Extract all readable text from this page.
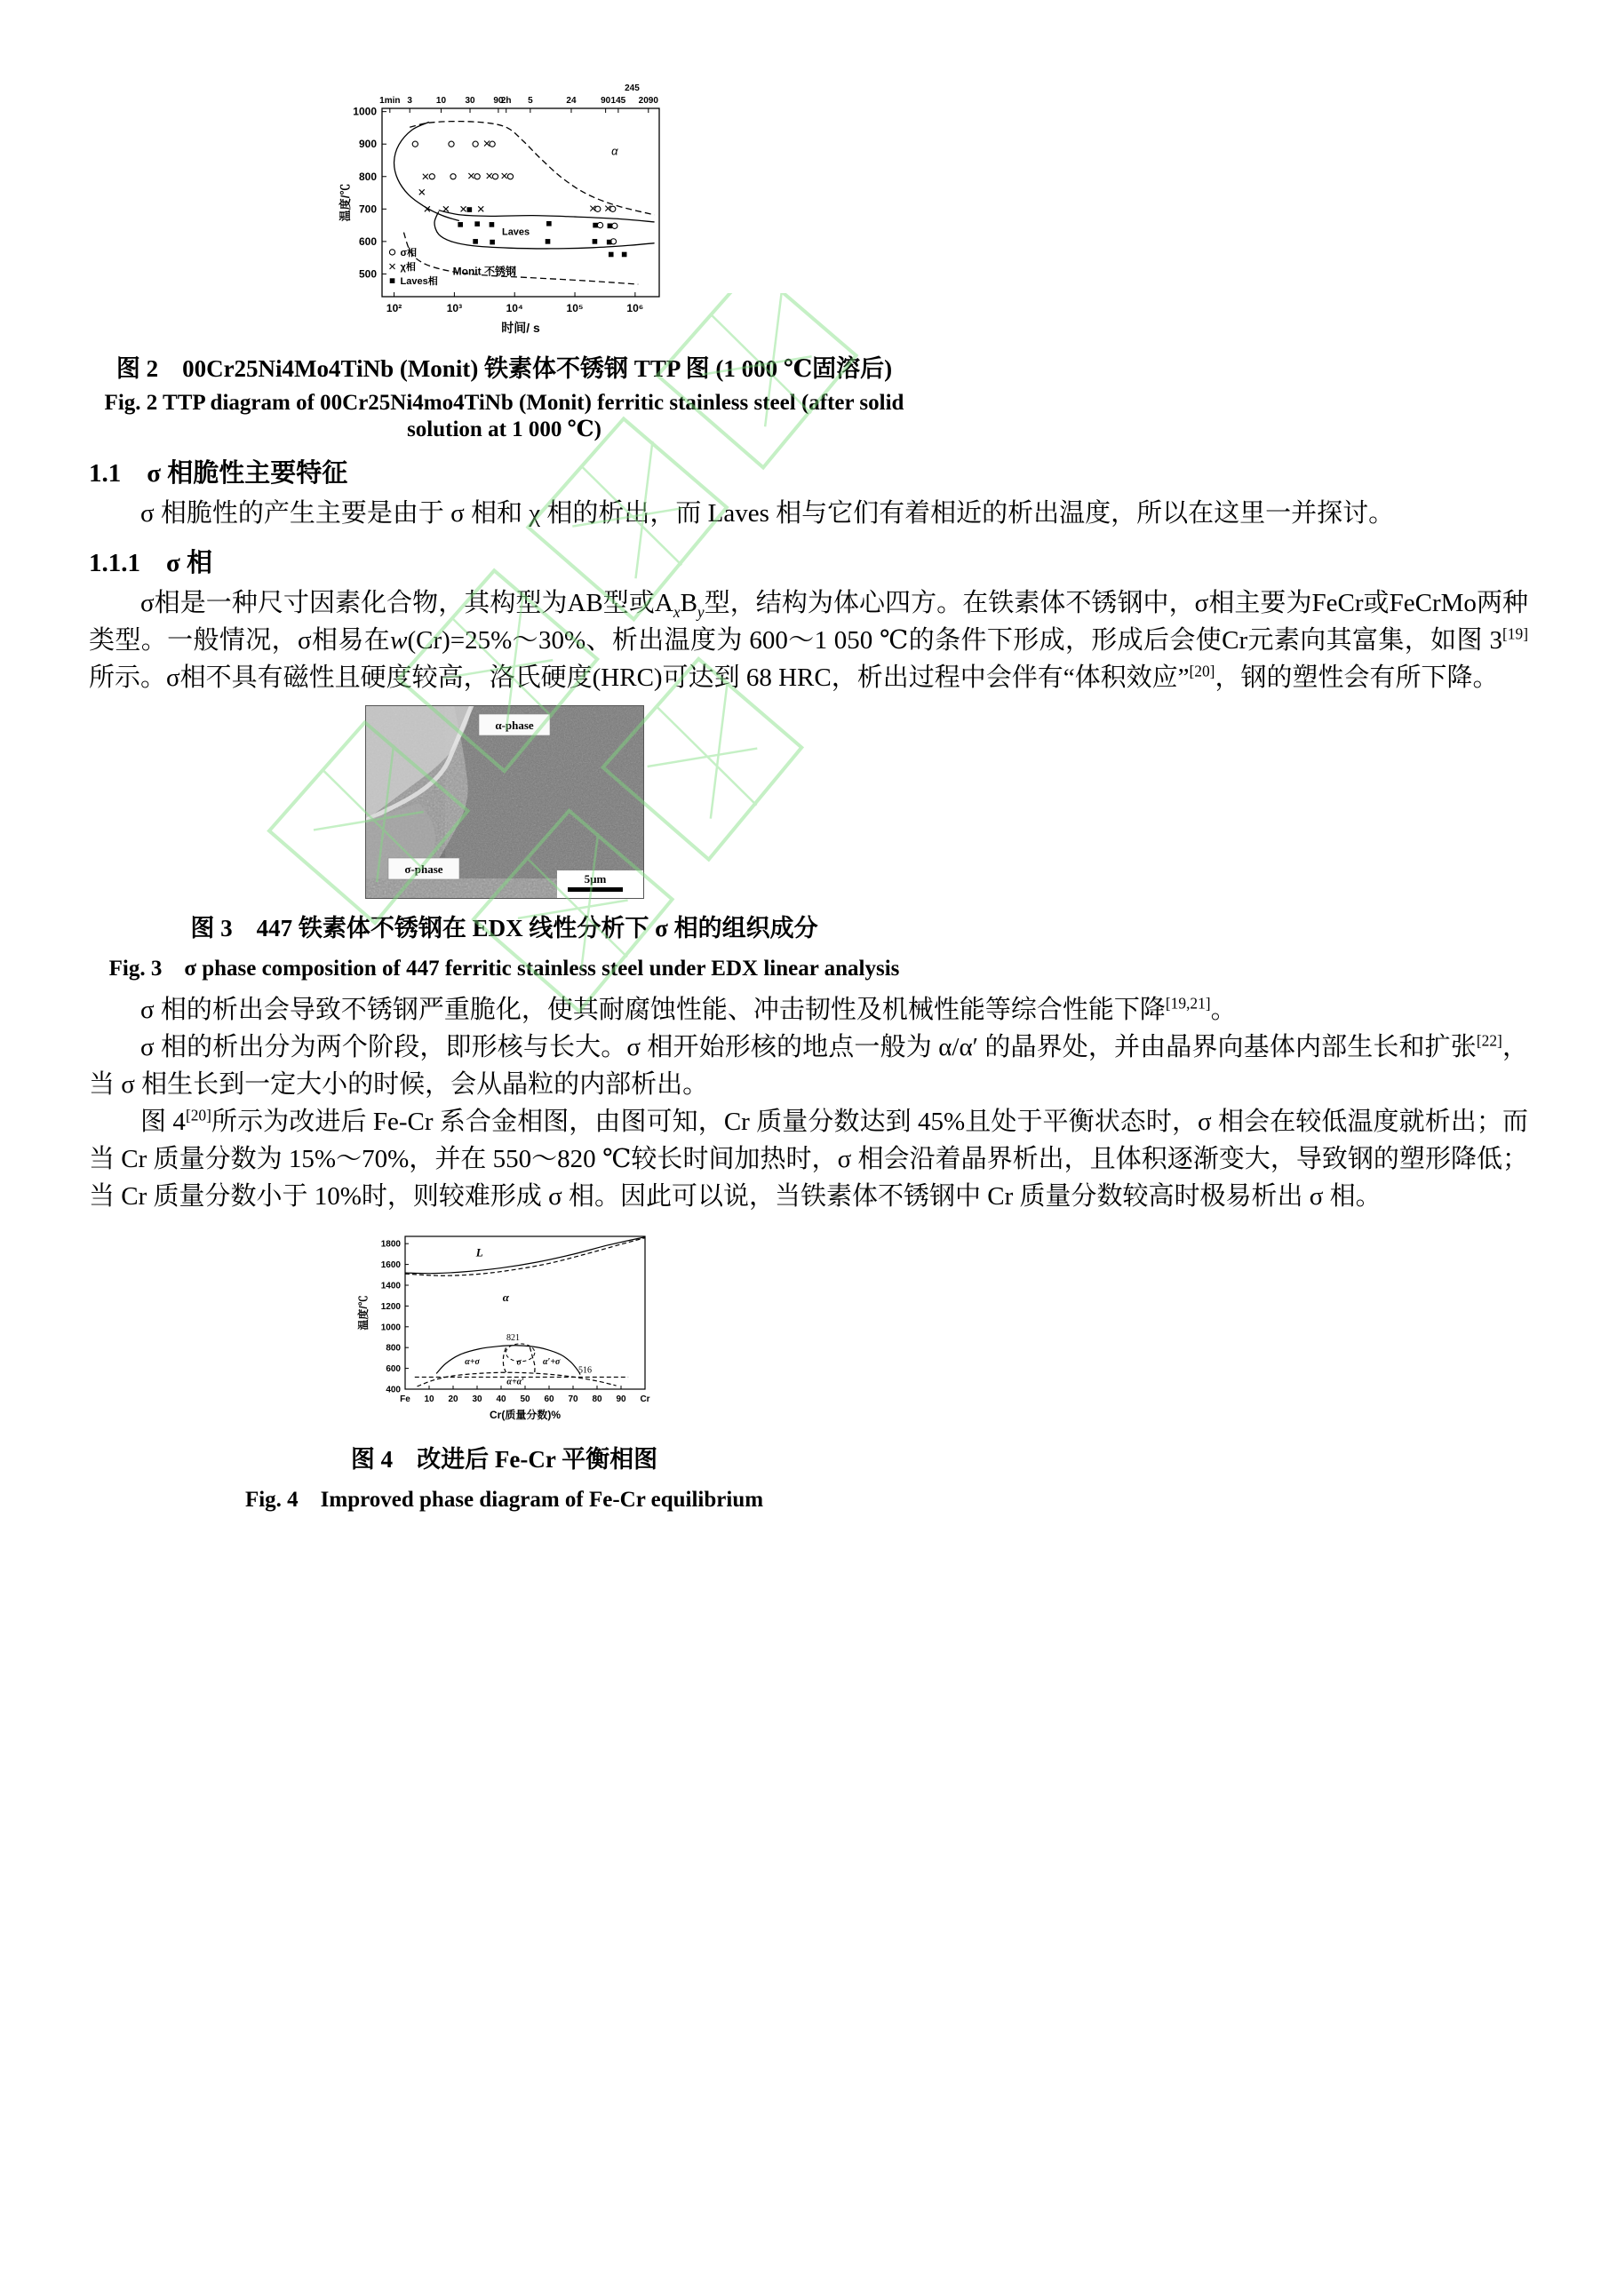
500
600
700
800
900
1000
10²	10³	10⁴	10⁵	10⁶
1min 3	10 30 90
2h 5	24	90 145 2090
245
时间/ s
温度/℃
σ相
χ相
Laves相
Monit 不锈钢
Laves
α
图 2　00Cr25Ni4Mo4TiNb (Monit) 铁素体不锈钢 TTP 图 (1 000 ℃固溶后)
Fig. 2 TTP diagram of 00Cr25Ni4mo4TiNb (Monit) ferritic stainless steel (after solid solution at 1 000 ℃)
1.1　σ 相脆性主要特征

σ 相脆性的产生主要是由于 σ 相和 χ 相的析出，而 Laves 相与它们有着相近的析出温度，所以在这里一并探讨。

1.1.1　σ 相

σ相是一种尺寸因素化合物，其构型为AB型或$A_xB_y$型，结构为体心四方。在铁素体不锈钢中，σ相主要为FeCr或FeCrMo两种类型。一般情况，σ相易在w(Cr)=25%～30%、析出温度为 600～1 050 ℃的条件下形成，形成后会使Cr元素向其富集，如图 3[19]所示。σ相不具有磁性且硬度较高，洛氏硬度(HRC)可达到 68 HRC，析出过程中会伴有“体积效应”[20]，钢的塑性会有所下降。

5μm
α-phase
σ-phase
图 3　447 铁素体不锈钢在 EDX 线性分析下 σ 相的组织成分
Fig. 3　σ phase composition of 447 ferritic stainless steel under EDX linear analysis

σ 相的析出会导致不锈钢严重脆化，使其耐腐蚀性能、冲击韧性及机械性能等综合性能下降[19,21]。

σ 相的析出分为两个阶段，即形核与长大。σ 相开始形核的地点一般为 α/α′ 的晶界处，并由晶界向基体内部生长和扩张[22]，当 σ 相生长到一定大小的时候，会从晶粒的内部析出。

图 4[20]所示为改进后 Fe-Cr 系合金相图，由图可知，Cr 质量分数达到 45%且处于平衡状态时，σ 相会在较低温度就析出；而当 Cr 质量分数为 15%～70%，并在 550～820 ℃较长时间加热时，σ 相会沿着晶界析出，且体积逐渐变大，导致钢的塑形降低；当 Cr 质量分数小于 10%时，则较难形成 σ 相。因此可以说，当铁素体不锈钢中 Cr 质量分数较高时极易析出 σ 相。

400
600
800
1000
1200
1400
1600
1800
Fe 10 20 30 40 50 60 70 80 90 Cr
Cr(质量分数)%
温度/℃
L
α
821
α+σ	σ α′+σ
516
α+α′
图 4　改进后 Fe-Cr 平衡相图
Fig. 4　Improved phase diagram of Fe-Cr equilibrium
